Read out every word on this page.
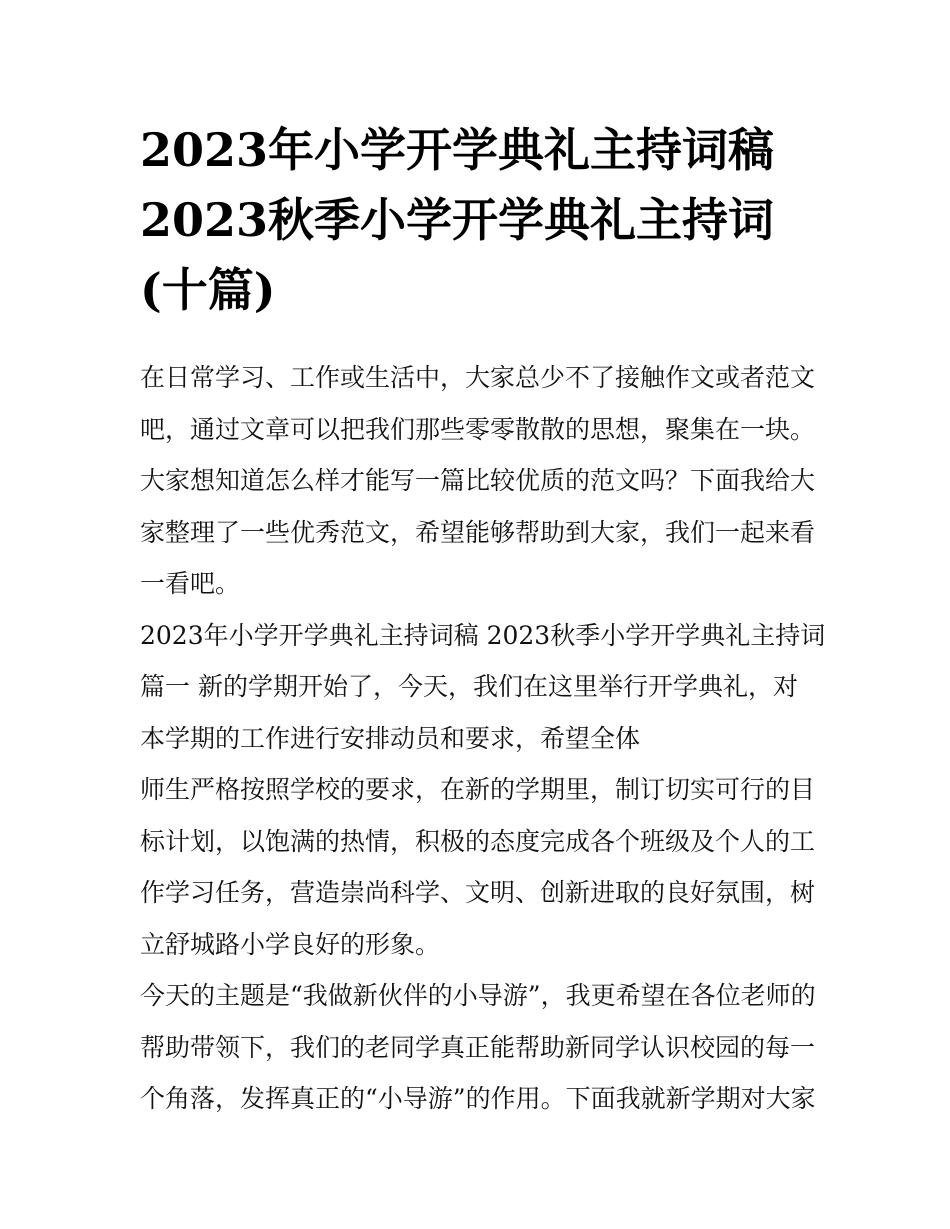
2023年小学开学典礼主持词稿
2023秋季小学开学典礼主持词
(十篇)

在日常学习、工作或生活中，大家总少不了接触作文或者范文
吧，通过文章可以把我们那些零零散散的思想，聚集在一块。
大家想知道怎么样才能写一篇比较优质的范文吗？下面我给大
家整理了一些优秀范文，希望能够帮助到大家，我们一起来看
一看吧。

2023年小学开学典礼主持词稿 2023秋季小学开学典礼主持词
篇一 新的学期开始了，今天，我们在这里举行开学典礼，对
本学期的工作进行安排动员和要求，希望全体

师生严格按照学校的要求，在新的学期里，制订切实可行的目
标计划，以饱满的热情，积极的态度完成各个班级及个人的工
作学习任务，营造崇尚科学、文明、创新进取的良好氛围，树
立舒城路小学良好的形象。

今天的主题是“我做新伙伴的小导游”，我更希望在各位老师的
帮助带领下，我们的老同学真正能帮助新同学认识校园的每一
个角落，发挥真正的“小导游”的作用。下面我就新学期对大家
